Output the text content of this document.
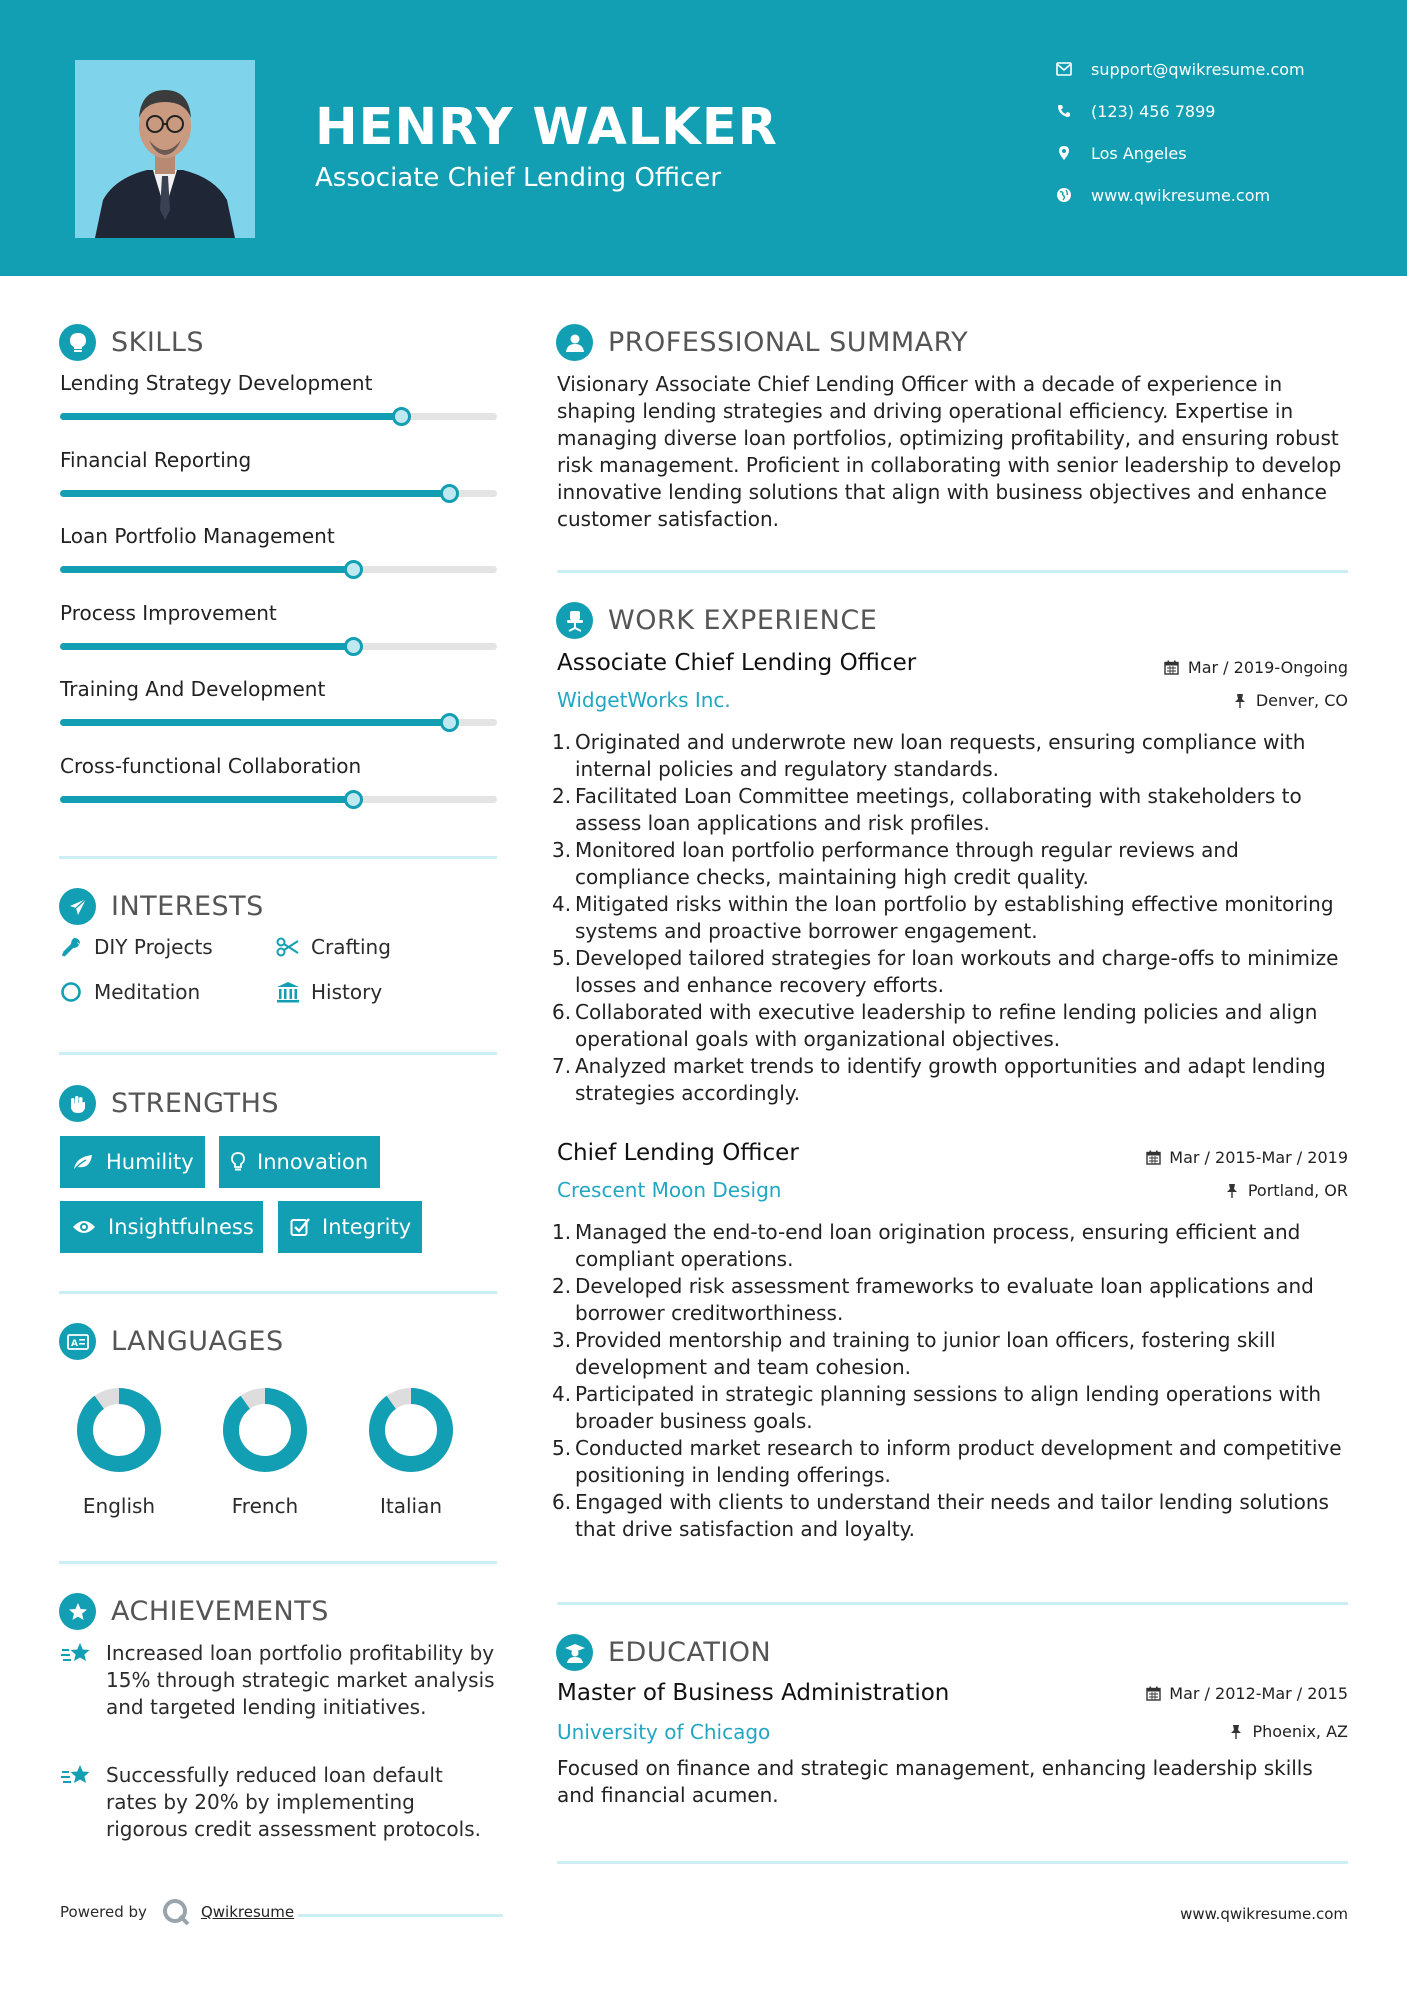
HENRY WALKER
Associate Chief Lending Officer
support@qwikresume.com
(123) 456 7899
Los Angeles
www.qwikresume.com
SKILLS
Lending Strategy Development
Financial Reporting
Loan Portfolio Management
Process Improvement
Training And Development
Cross-functional Collaboration
INTERESTS
DIY Projects	Crafting
Meditation	History
STRENGTHS
Humility	Innovation
Insightfulness	Integrity
A LANGUAGES
English	French	Italian
ACHIEVEMENTS
Increased loan portfolio profitability by 15% through strategic market analysis and targeted lending initiatives.
Successfully reduced loan default rates by 20% by implementing rigorous credit assessment protocols.
PROFESSIONAL SUMMARY
Visionary Associate Chief Lending Officer with a decade of experience in shaping lending strategies and driving operational efficiency. Expertise in managing diverse loan portfolios, optimizing profitability, and ensuring robust risk management. Proficient in collaborating with senior leadership to develop innovative lending solutions that align with business objectives and enhance customer satisfaction.
WORK EXPERIENCE
Associate Chief Lending Officer	Mar / 2019-Ongoing
WidgetWorks Inc.	Denver, CO
1. Originated and underwrote new loan requests, ensuring compliance with internal policies and regulatory standards.
2. Facilitated Loan Committee meetings, collaborating with stakeholders to assess loan applications and risk profiles.
3. Monitored loan portfolio performance through regular reviews and compliance checks, maintaining high credit quality.
4. Mitigated risks within the loan portfolio by establishing effective monitoring systems and proactive borrower engagement.
5. Developed tailored strategies for loan workouts and charge-offs to minimize losses and enhance recovery efforts.
6. Collaborated with executive leadership to refine lending policies and align operational goals with organizational objectives.
7. Analyzed market trends to identify growth opportunities and adapt lending strategies accordingly.
Chief Lending Officer	Mar / 2015-Mar / 2019
Crescent Moon Design	Portland, OR
1. Managed the end-to-end loan origination process, ensuring efficient and compliant operations.
2. Developed risk assessment frameworks to evaluate loan applications and borrower creditworthiness.
3. Provided mentorship and training to junior loan officers, fostering skill development and team cohesion.
4. Participated in strategic planning sessions to align lending operations with broader business goals.
5. Conducted market research to inform product development and competitive positioning in lending offerings.
6. Engaged with clients to understand their needs and tailor lending solutions that drive satisfaction and loyalty.
EDUCATION
Master of Business Administration	Mar / 2012-Mar / 2015
University of Chicago	Phoenix, AZ
Focused on finance and strategic management, enhancing leadership skills and financial acumen.
Powered by	Qwikresume	www.qwikresume.com
